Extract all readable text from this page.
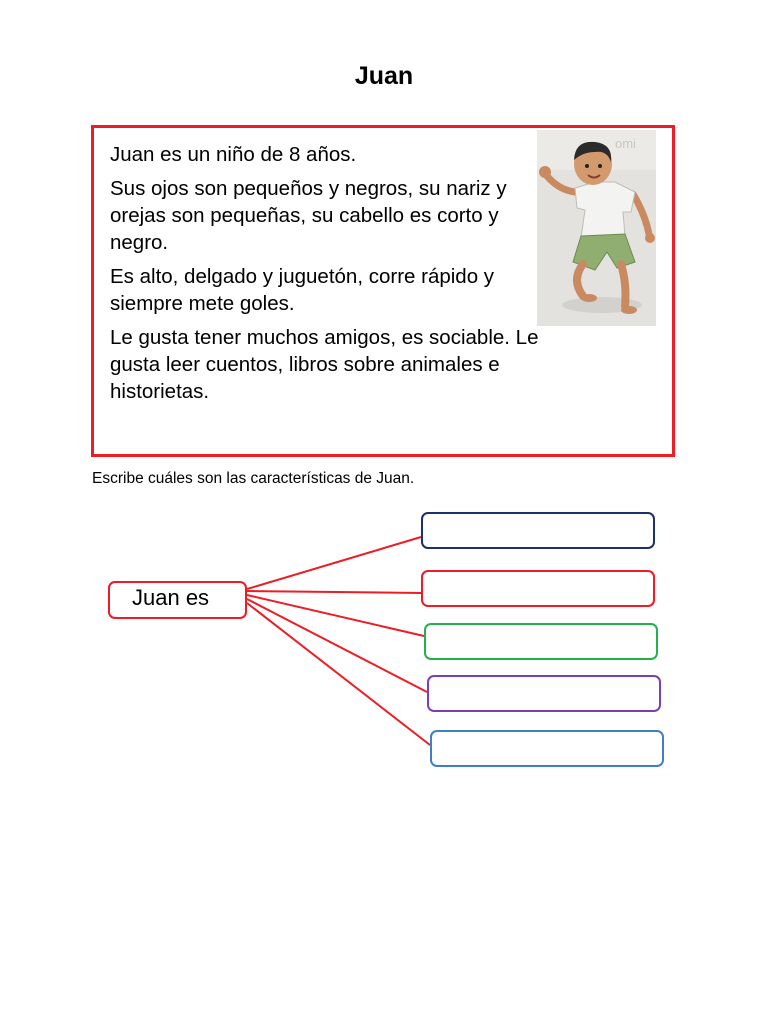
Juan

Juan es un niño de 8 años.

Sus ojos son pequeños y negros, su nariz y orejas son pequeñas, su cabello es corto y negro.

Es alto, delgado y juguetón, corre rápido y siempre mete goles.

Le gusta tener muchos amigos, es sociable. Le gusta leer cuentos, libros sobre animales e historietas.

omi
Escribe cuáles son las características de Juan.
Juan es
